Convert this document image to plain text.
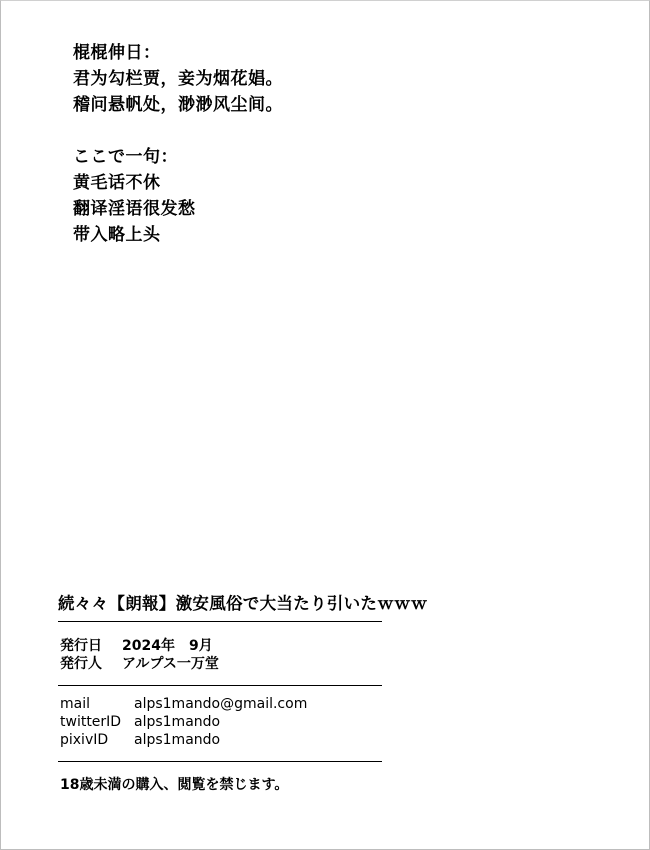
棍棍伸日：
君为勾栏贾，妾为烟花娼。
稽问悬帆处，渺渺风尘间。
ここで一句：
黄毛话不休
翻译淫语很发愁
带入略上头
続々々【朗報】激安風俗で大当たり引いたｗｗｗ
発行日 2024年 9月
発行人 アルプス一万堂
mail	alps1mando@gmail.com
twitterID alps1mando
pixivID alps1mando
18歳未満の購入、閲覧を禁じます。
